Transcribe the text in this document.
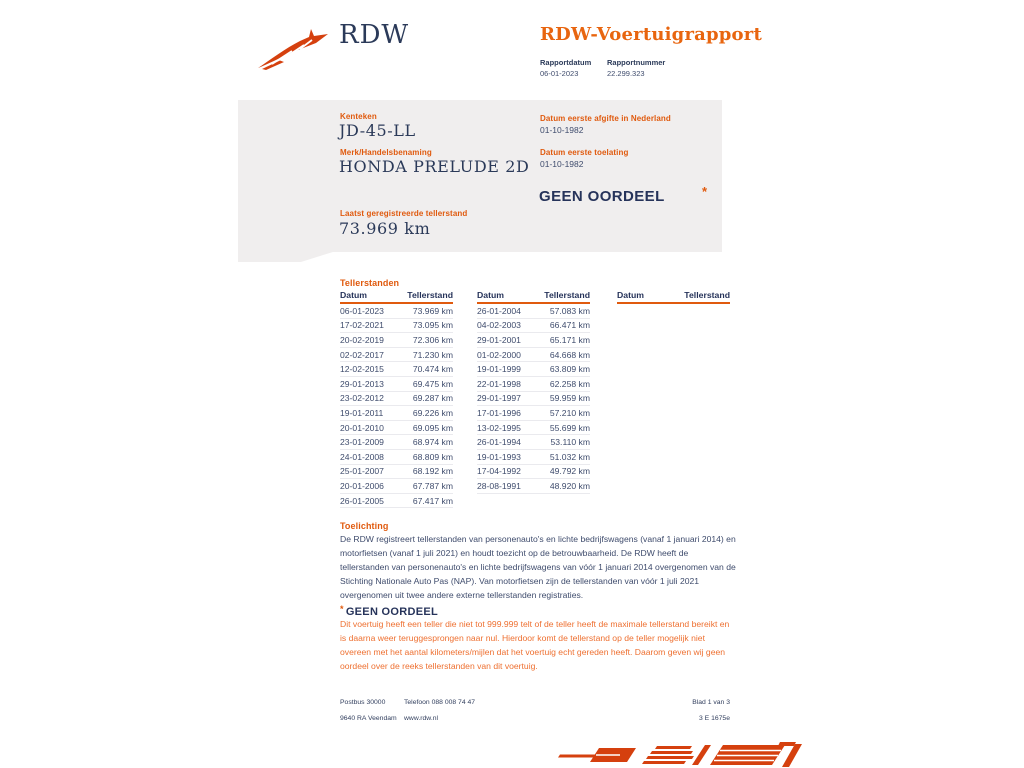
RDW	RDW-Voertuigrapport
Rapportdatum Rapportnummer
06-01-2023	22.299.323
Kenteken
JD-45-LL
Merk/Handelsbenaming
HONDA PRELUDE 2D
Laatst geregistreerde tellerstand
73.969 km
Datum eerste afgifte in Nederland
01-10-1982
Datum eerste toelating
01-10-1982
GEEN OORDEEL	*
Tellerstanden
Datum	Tellerstand
06-01-2023	73.969 km
17-02-2021	73.095 km
20-02-2019	72.306 km
02-02-2017	71.230 km
12-02-2015	70.474 km
29-01-2013	69.475 km
23-02-2012	69.287 km
19-01-2011	69.226 km
20-01-2010	69.095 km
23-01-2009	68.974 km
24-01-2008	68.809 km
25-01-2007	68.192 km
20-01-2006	67.787 km
26-01-2005	67.417 km
Datum	Tellerstand
26-01-2004	57.083 km
04-02-2003	66.471 km
29-01-2001	65.171 km
01-02-2000	64.668 km
19-01-1999	63.809 km
22-01-1998	62.258 km
29-01-1997	59.959 km
17-01-1996	57.210 km
13-02-1995	55.699 km
26-01-1994	53.110 km
19-01-1993	51.032 km
17-04-1992	49.792 km
28-08-1991	48.920 km
Datum	Tellerstand
Toelichting
De RDW registreert tellerstanden van personenauto's en lichte bedrijfswagens (vanaf 1 januari 2014) en motorfietsen (vanaf 1 juli 2021) en houdt toezicht op de betrouwbaarheid. De RDW heeft de tellerstanden van personenauto's en lichte bedrijfswagens van vóór 1 januari 2014 overgenomen van de Stichting Nationale Auto Pas (NAP). Van motorfietsen zijn de tellerstanden van vóór 1 juli 2021 overgenomen uit twee andere externe tellerstanden registraties.
* GEEN OORDEEL
Dit voertuig heeft een teller die niet tot 999.999 telt of de teller heeft de maximale tellerstand bereikt en is daarna weer teruggesprongen naar nul. Hierdoor komt de tellerstand op de teller mogelijk niet overeen met het aantal kilometers/mijlen dat het voertuig echt gereden heeft. Daarom geven wij geen oordeel over de reeks tellerstanden van dit voertuig.
Postbus 30000
9640 RA Veendam
Telefoon 088 008 74 47
www.rdw.nl
Blad 1 van 3
3 E 1675e
